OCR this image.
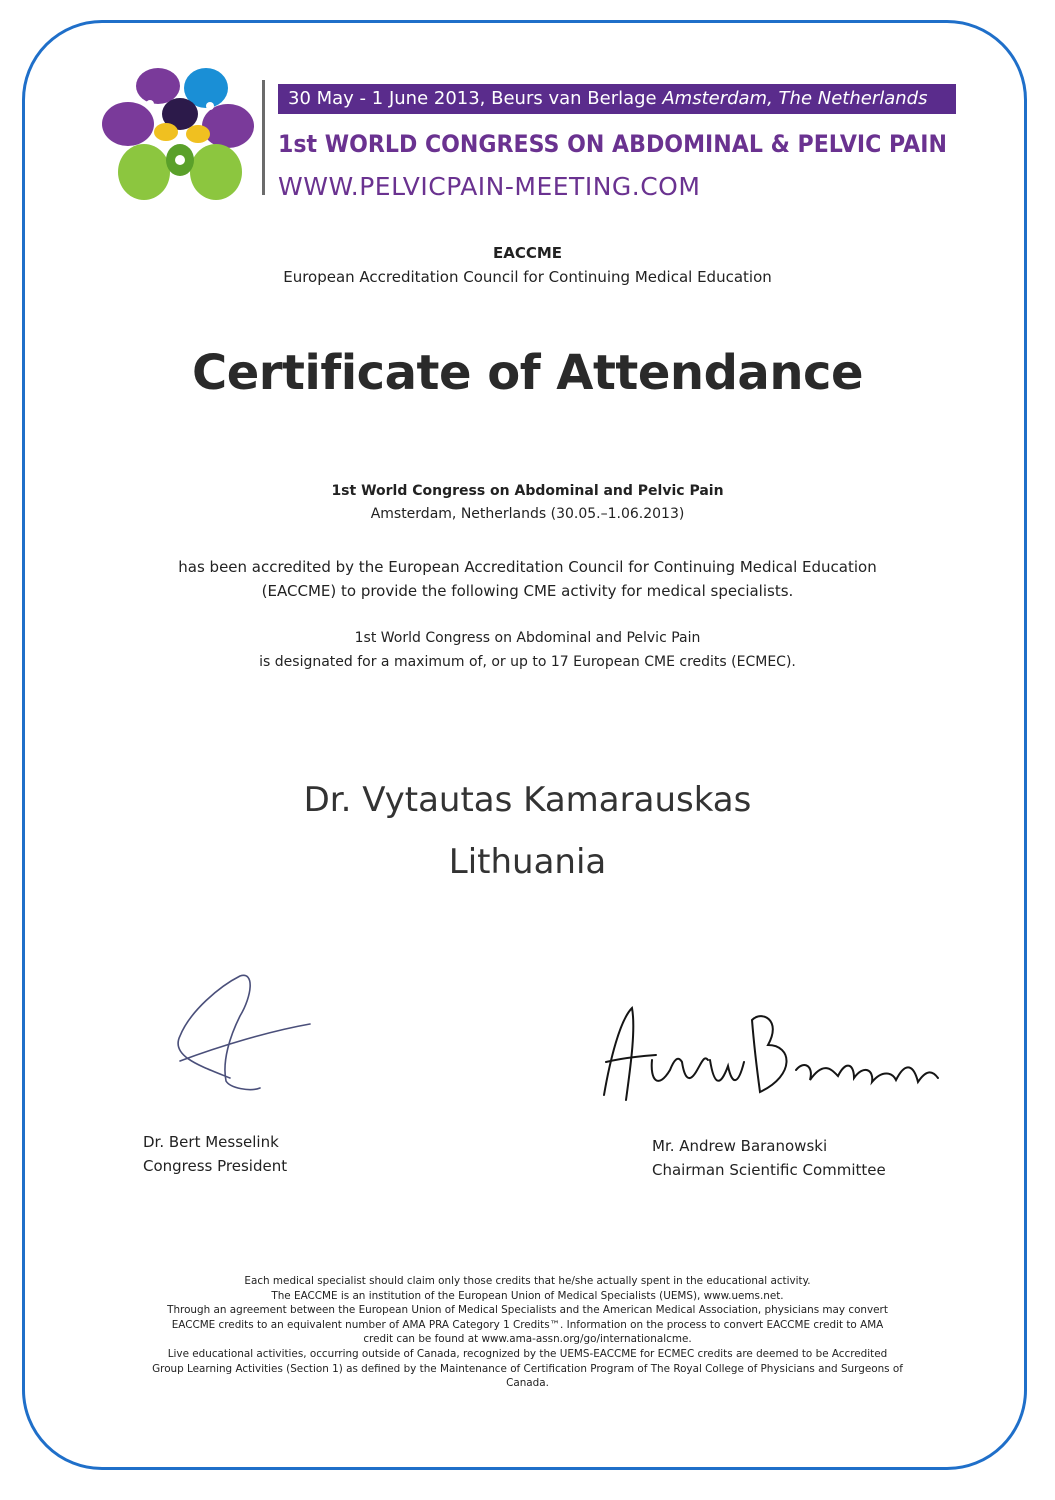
30 May - 1 June 2013, Beurs van Berlage Amsterdam, The Netherlands
1st WORLD CONGRESS ON ABDOMINAL & PELVIC PAIN
WWW.PELVICPAIN-MEETING.COM
EACCME
European Accreditation Council for Continuing Medical Education
Certificate of Attendance
1st World Congress on Abdominal and Pelvic Pain
Amsterdam, Netherlands (30.05.–1.06.2013)
has been accredited by the European Accreditation Council for Continuing Medical Education
(EACCME) to provide the following CME activity for medical specialists.
1st World Congress on Abdominal and Pelvic Pain
is designated for a maximum of, or up to 17 European CME credits (ECMEC).
Dr. Vytautas Kamarauskas
Lithuania
Dr. Bert Messelink
Congress President
Mr. Andrew Baranowski
Chairman Scientific Committee
Each medical specialist should claim only those credits that he/she actually spent in the educational activity.
The EACCME is an institution of the European Union of Medical Specialists (UEMS), www.uems.net.
Through an agreement between the European Union of Medical Specialists and the American Medical Association, physicians may convert
EACCME credits to an equivalent number of AMA PRA Category 1 Credits™. Information on the process to convert EACCME credit to AMA
credit can be found at www.ama-assn.org/go/internationalcme.
Live educational activities, occurring outside of Canada, recognized by the UEMS-EACCME for ECMEC credits are deemed to be Accredited
Group Learning Activities (Section 1) as defined by the Maintenance of Certification Program of The Royal College of Physicians and Surgeons of
Canada.
